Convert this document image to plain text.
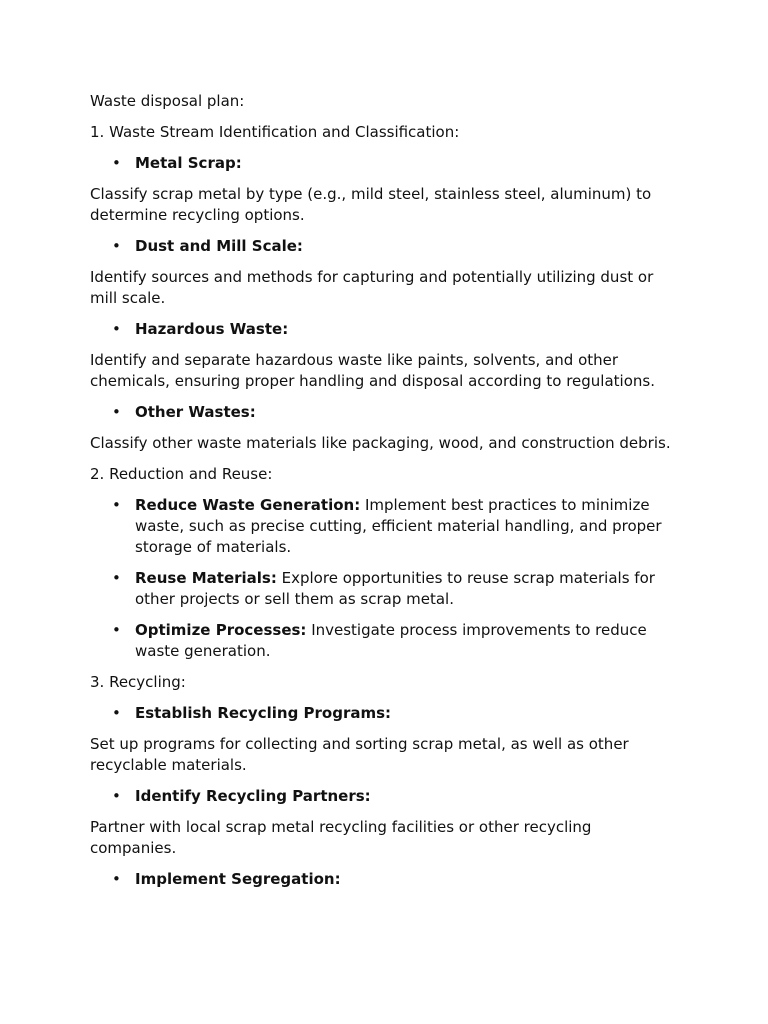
Waste disposal plan:

1. Waste Stream Identification and Classification:

• Metal Scrap:

Classify scrap metal by type (e.g., mild steel, stainless steel, aluminum) to determine recycling options.

• Dust and Mill Scale:

Identify sources and methods for capturing and potentially utilizing dust or mill scale.

• Hazardous Waste:

Identify and separate hazardous waste like paints, solvents, and other chemicals, ensuring proper handling and disposal according to regulations.

• Other Wastes:

Classify other waste materials like packaging, wood, and construction debris.

2. Reduction and Reuse:

• Reduce Waste Generation: Implement best practices to minimize waste, such as precise cutting, efficient material handling, and proper storage of materials.
• Reuse Materials: Explore opportunities to reuse scrap materials for other projects or sell them as scrap metal.
• Optimize Processes: Investigate process improvements to reduce waste generation.

3. Recycling:

• Establish Recycling Programs:

Set up programs for collecting and sorting scrap metal, as well as other recyclable materials.

• Identify Recycling Partners:

Partner with local scrap metal recycling facilities or other recycling companies.

• Implement Segregation:
